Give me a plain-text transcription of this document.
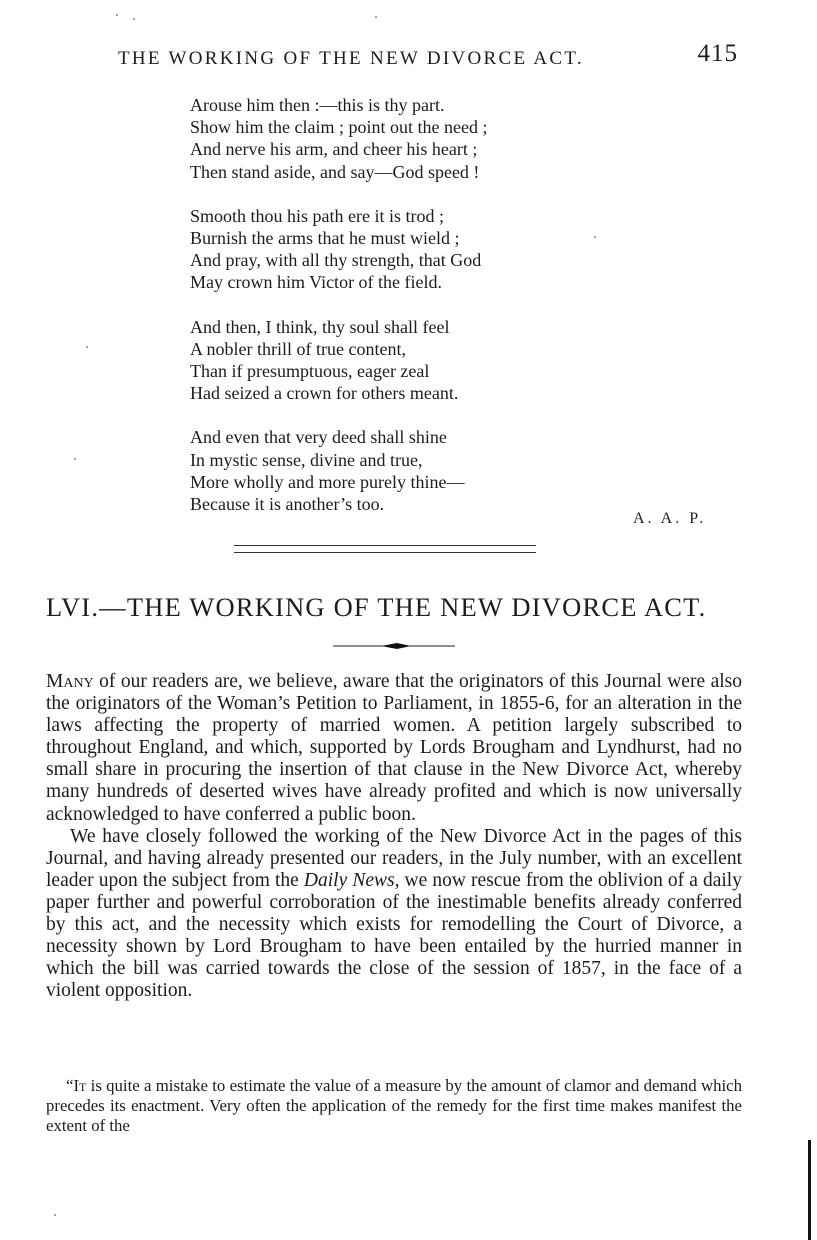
THE WORKING OF THE NEW DIVORCE ACT.	415
Arouse him then :—this is thy part.
Show him the claim ; point out the need ;
And nerve his arm, and cheer his heart ;
Then stand aside, and say—God speed !
Smooth thou his path ere it is trod ;
Burnish the arms that he must wield ;
And pray, with all thy strength, that God
May crown him Victor of the field.
And then, I think, thy soul shall feel
A nobler thrill of true content,
Than if presumptuous, eager zeal
Had seized a crown for others meant.
And even that very deed shall shine
In mystic sense, divine and true,
More wholly and more purely thine—
Because it is another’s too.
A. A. P.
LVI.—THE WORKING OF THE NEW DIVORCE ACT.

Many of our readers are, we believe, aware that the originators of this Journal were also the originators of the Woman’s Petition to Parliament, in 1855-6, for an alteration in the laws affecting the property of married women. A petition largely subscribed to throughout England, and which, supported by Lords Brougham and Lyndhurst, had no small share in procuring the insertion of that clause in the New Divorce Act, whereby many hundreds of deserted wives have already profited and which is now universally acknowledged to have conferred a public boon.

We have closely followed the working of the New Divorce Act in the pages of this Journal, and having already presented our readers, in the July number, with an excellent leader upon the subject from the Daily News, we now rescue from the oblivion of a daily paper further and powerful corroboration of the inestimable benefits already conferred by this act, and the necessity which exists for remodelling the Court of Divorce, a necessity shown by Lord Brougham to have been entailed by the hurried manner in which the bill was carried towards the close of the session of 1857, in the face of a violent opposition.

“It is quite a mistake to estimate the value of a measure by the amount of clamor and demand which precedes its enactment. Very often the application of the remedy for the first time makes manifest the extent of the
